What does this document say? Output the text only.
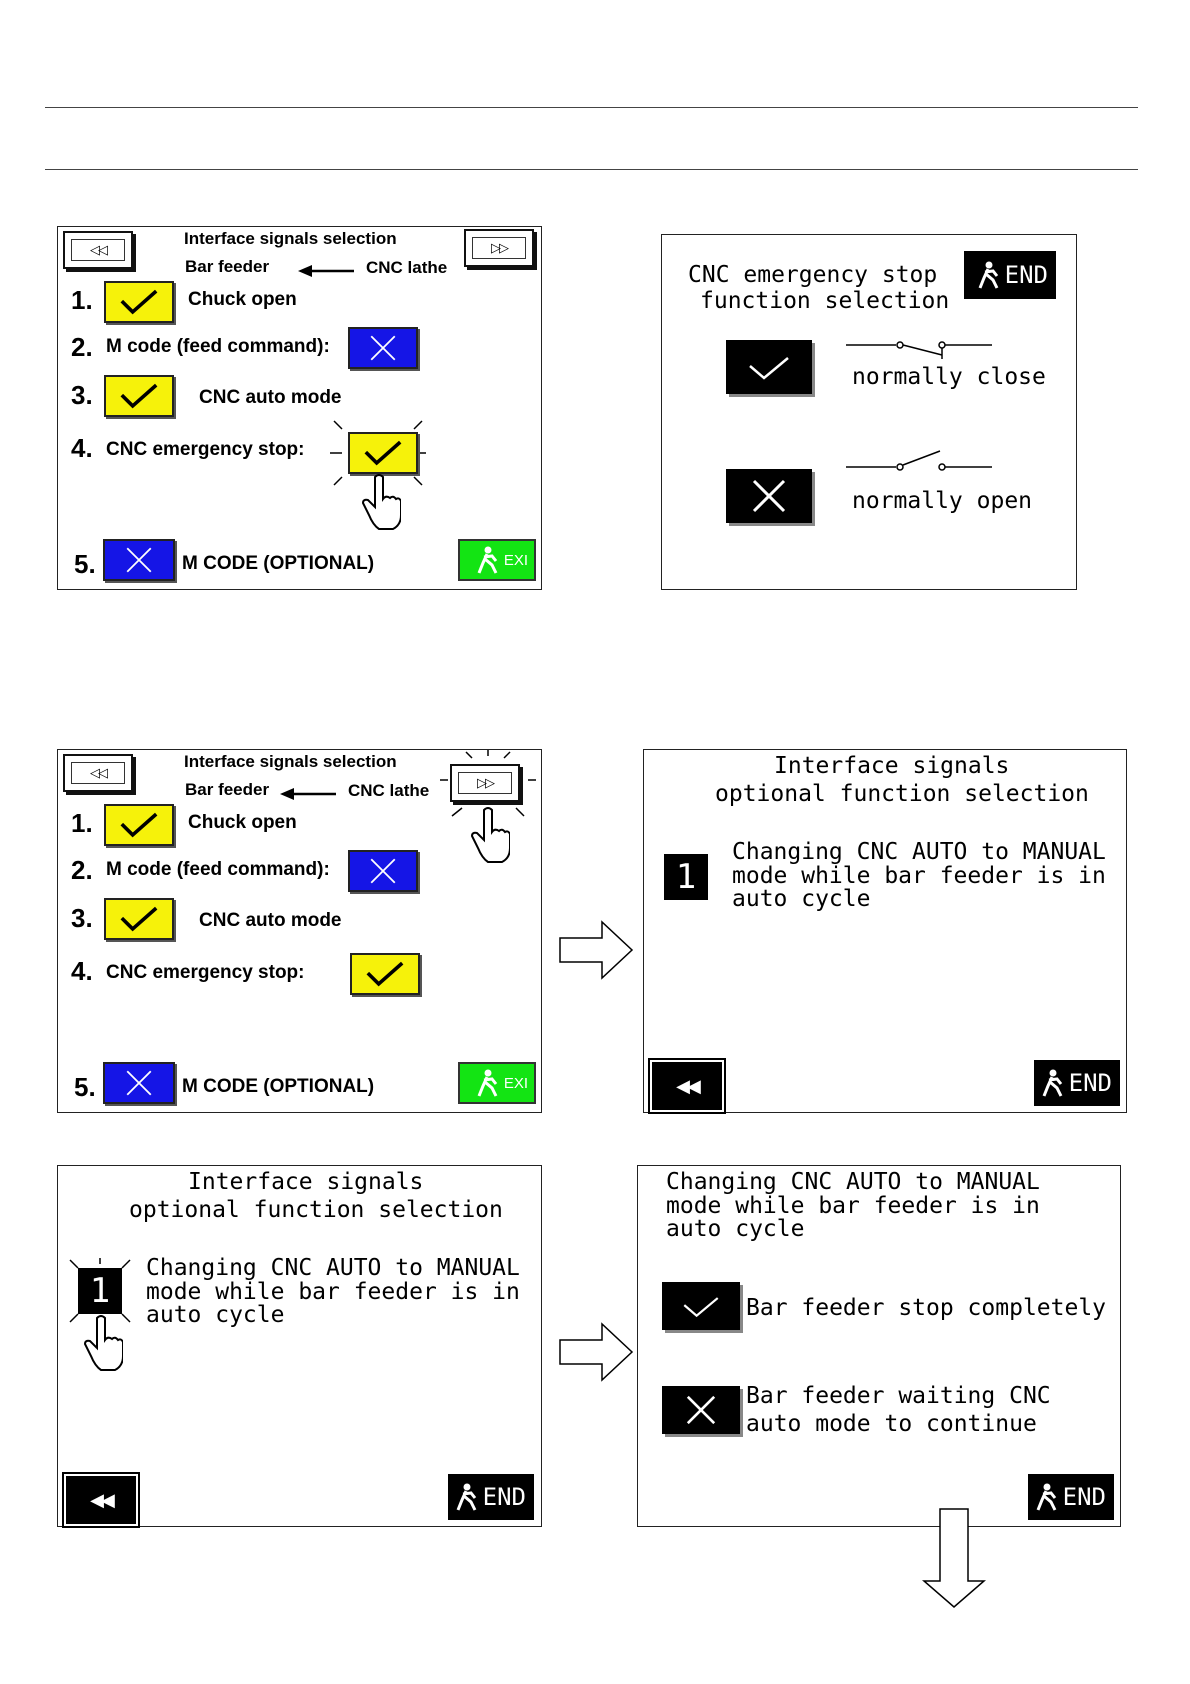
◁◁
Interface signals selection
Bar feeder	CNC lathe
▷▷
1.	Chuck open
2. M code (feed command):
3.	CNC auto mode
4. CNC emergency stop:
5.	M CODE (OPTIONAL)	EXI
CNC emergency stop
function selection
END
normally close
normally open
◁◁
Interface signals selection
Bar feeder	CNC lathe	▷▷
1.	Chuck open
2. M code (feed command):
3.	CNC auto mode
4. CNC emergency stop:
5.	M CODE (OPTIONAL)	EXI
Interface signals
optional function selection
1
Changing CNC AUTO to MANUAL
mode while bar feeder is in
auto cycle
◀◀	END
Interface signals
optional function selection
1
Changing CNC AUTO to MANUAL
mode while bar feeder is in
auto cycle
◀◀	END
Changing CNC AUTO to MANUAL
mode while bar feeder is in
auto cycle
Bar feeder stop completely
Bar feeder waiting CNC
auto mode to continue
END
